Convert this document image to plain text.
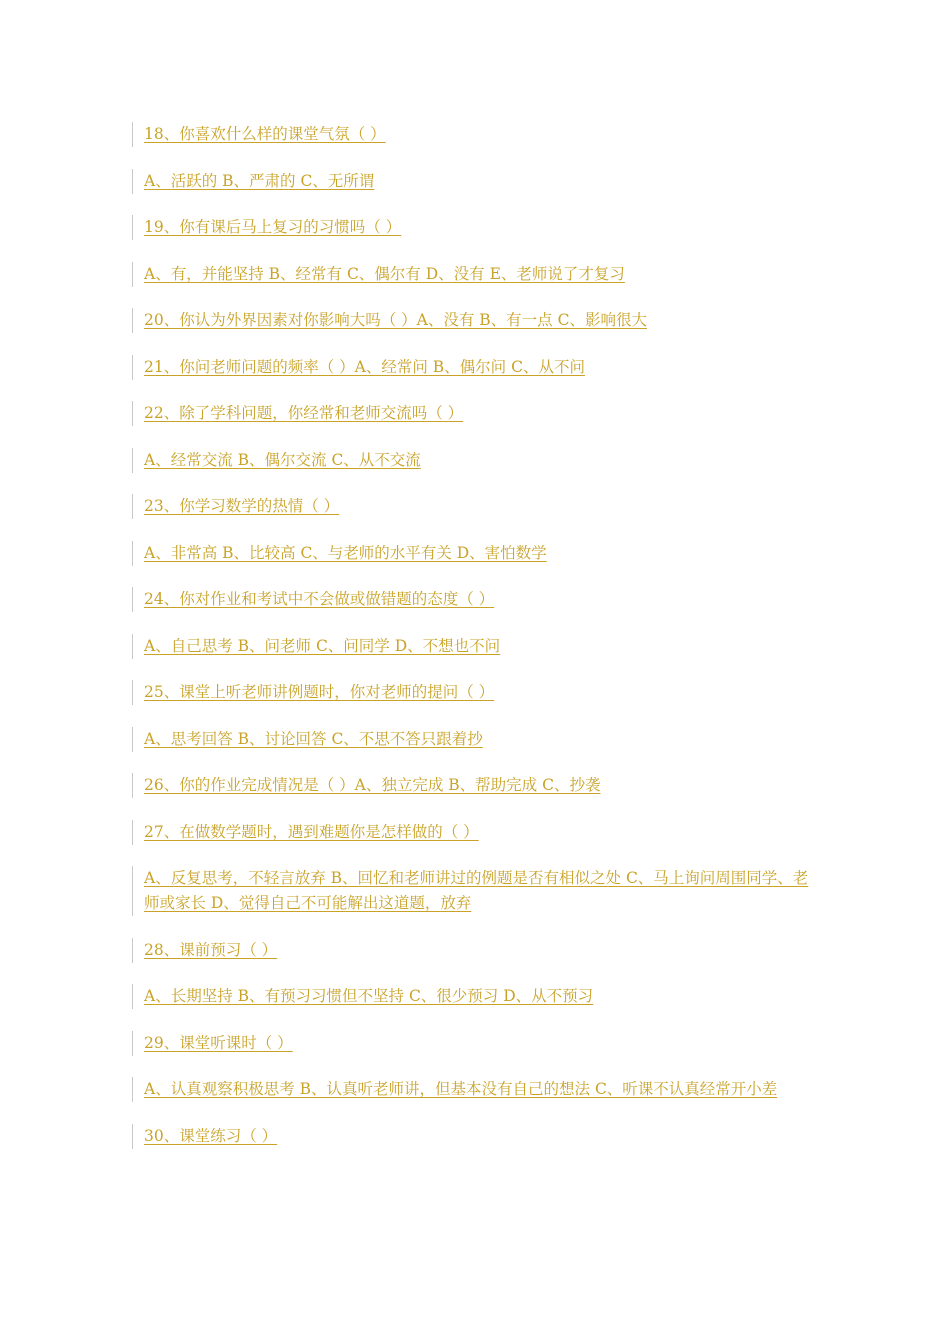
18、你喜欢什么样的课堂气氛（ ）
A、活跃的 B、严肃的 C、无所谓
19、你有课后马上复习的习惯吗（ ）
A、有，并能坚持 B、经常有 C、偶尔有 D、没有 E、老师说了才复习
20、你认为外界因素对你影响大吗（ ）A、没有 B、有一点 C、影响很大
21、你问老师问题的频率（ ）A、经常问 B、偶尔问 C、从不问
22、除了学科问题，你经常和老师交流吗（ ）
A、经常交流 B、偶尔交流 C、从不交流
23、你学习数学的热情（ ）
A、非常高 B、比较高 C、与老师的水平有关 D、害怕数学
24、你对作业和考试中不会做或做错题的态度（ ）
A、自己思考 B、问老师 C、问同学 D、不想也不问
25、课堂上听老师讲例题时，你对老师的提问（ ）
A、思考回答 B、讨论回答 C、不思不答只跟着抄
26、你的作业完成情况是（ ）A、独立完成 B、帮助完成 C、抄袭
27、在做数学题时，遇到难题你是怎样做的（ ）
A、反复思考，不轻言放弃 B、回忆和老师讲过的例题是否有相似之处 C、马上询问周围同学、老师或家长 D、觉得自己不可能解出这道题，放弃
28、课前预习（ ）
A、长期坚持 B、有预习习惯但不坚持 C、很少预习 D、从不预习
29、课堂听课时（ ）
A、认真观察积极思考 B、认真听老师讲，但基本没有自己的想法 C、听课不认真经常开小差
30、课堂练习（ ）
